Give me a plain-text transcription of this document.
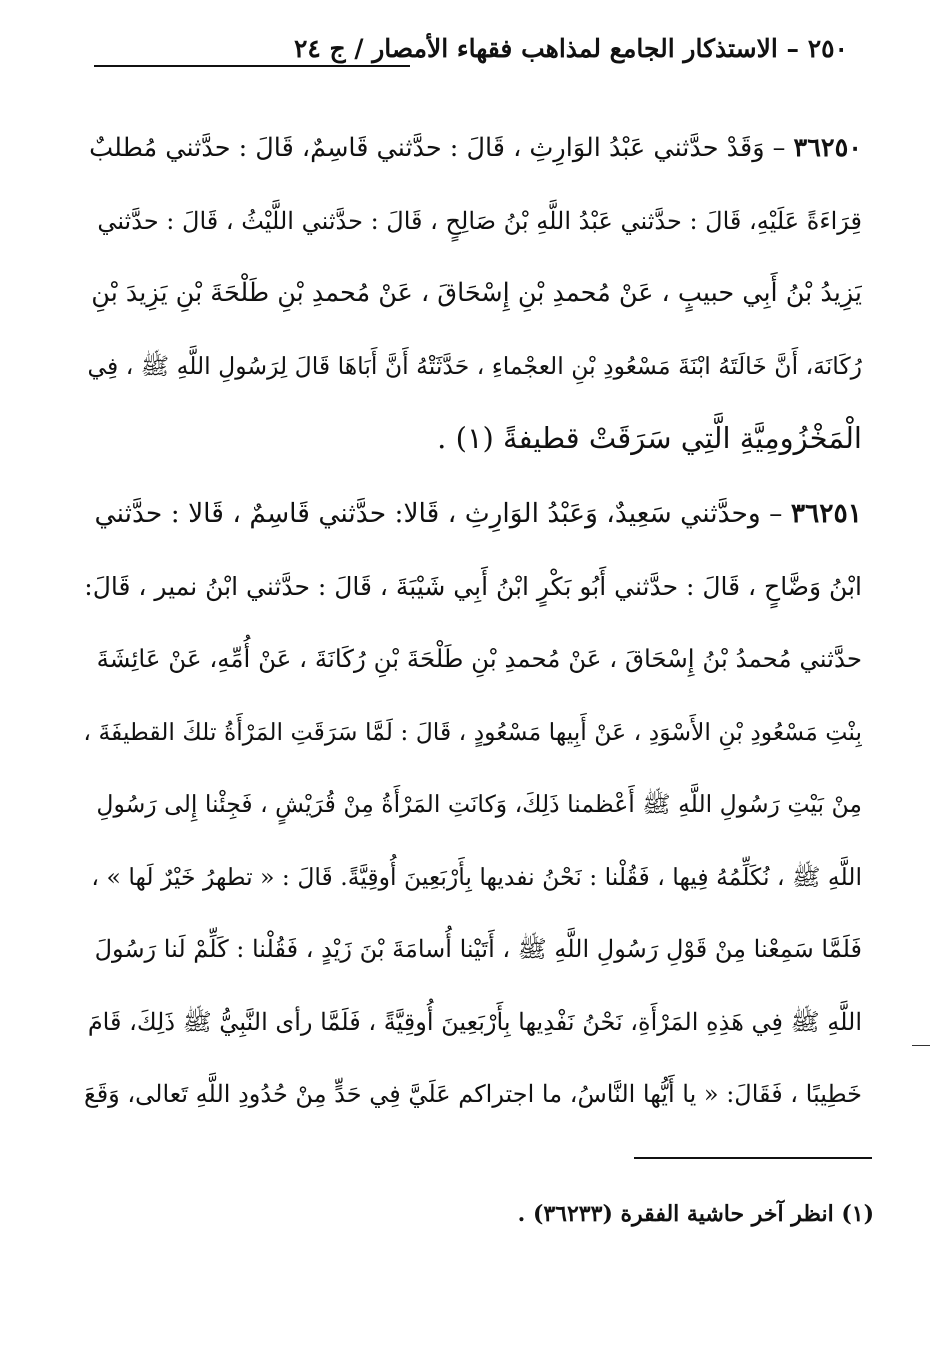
٢٥٠ – الاستذكار الجامع لمذاهب فقهاء الأمصار / ج ٢٤

٣٦٢٥٠ – وَقَدْ حدَّثني عَبْدُ الوَارِثِ ، قَالَ : حدَّثني قَاسِمٌ، قَالَ : حدَّثني مُطلبٌ
قِرَاءَةً عَلَيْهِ، قَالَ : حدَّثني عَبْدُ اللَّهِ بْنُ صَالِحٍ ، قَالَ : حدَّثني اللَّيْثُ ، قَالَ : حدَّثني
يَزِيدُ بْنُ أَبِي حبيبٍ ، عَنْ مُحمدِ بْنِ إِسْحَاقَ ، عَنْ مُحمدِ بْنِ طَلْحَةَ بْنِ يَزِيدَ بْنِ
رُكَانَهَ، أَنَّ خَالَتَهُ ابْنَةَ مَسْعُودِ بْنِ العجْماءِ ، حَدَّثَتْهُ أَنَّ أَبَاهَا قَالَ لِرَسُولِ اللَّهِ ﷺ ، فِي
الْمَخْزُومِيَّةِ الَّتِي سَرَقَتْ قطيفةً (١) .

٣٦٢٥١ – وحدَّثني سَعِيدٌ، وَعَبْدُ الوَارِثِ ، قَالا: حدَّثني قَاسِمٌ ، قَالا : حدَّثني
ابْنُ وَضَّاحٍ ، قَالَ : حدَّثني أَبُو بَكْرٍ ابْنُ أَبِي شَيْبَةَ ، قَالَ : حدَّثني ابْنُ نمير ، قَالَ:
حدَّثني مُحمدُ بْنُ إِسْحَاقَ ، عَنْ مُحمدِ بْنِ طَلْحَةَ بْنِ رُكَانَةَ ، عَنْ أُمِّهِ، عَنْ عَائِشَةَ
بِنْتِ مَسْعُودِ بْنِ الأَسْوَدِ ، عَنْ أَبِيها مَسْعُودٍ ، قَالَ : لَمَّا سَرَقَتِ المَرْأَةُ تلكَ القطيفَةَ ،
مِنْ بَيْتِ رَسُولِ اللَّهِ ﷺ أَعْظمنا ذَلِكَ، وَكانَتِ المَرْأَةُ مِنْ قُرَيْشٍ ، فَجِئْنا إِلى رَسُولِ
اللَّهِ ﷺ ، نُكَلِّمُهُ فِيها ، فَقُلْنا : نَحْنُ نفديها بِأَرْبَعِينَ أُوقِيَّةً. قَالَ : « تطهرُ خَيْرٌ لَها » ،
فَلَمَّا سَمِعْنا مِنْ قَوْلِ رَسُولِ اللَّهِ ﷺ ، أَتَيْنا أُسامَةَ بْنَ زَيْدٍ ، فَقُلْنا : كَلِّمْ لَنا رَسُولَ
اللَّهِ ﷺ فِي هَذِهِ المَرْأَةِ، نَحْنُ نَفْدِيها بِأَرْبَعِينَ أُوقِيَّةً ، فَلَمَّا رأى النَّبِيُّ ﷺ ذَلِكَ، قَامَ
خَطِيبًا ، فَقَالَ: « يا أَيُّها النَّاسُ، ما اجتراكم عَلَيَّ فِي حَدٍّ مِنْ حُدُودِ اللَّهِ تَعالى، وَقَعَ

(١) انظر آخر حاشية الفقرة (٣٦٢٣٣) .
